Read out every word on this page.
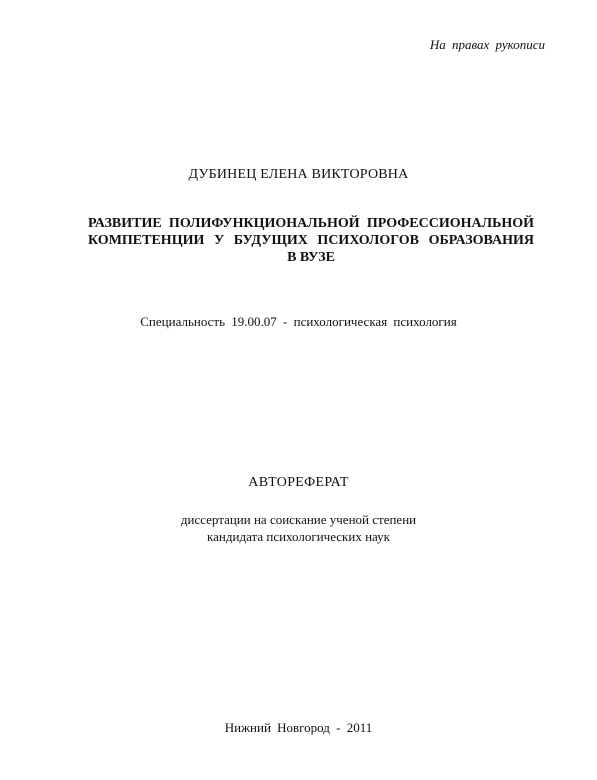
На правах рукописи
ДУБИНЕЦ ЕЛЕНА ВИКТОРОВНА
РАЗВИТИЕ ПОЛИФУНКЦИОНАЛЬНОЙ ПРОФЕССИОНАЛЬНОЙ
КОМПЕТЕНЦИИ У БУДУЩИХ ПСИХОЛОГОВ ОБРАЗОВАНИЯ
В ВУЗЕ
Специальность 19.00.07 - психологическая психология
АВТОРЕФЕРАТ
диссертации на соискание ученой степени
кандидата психологических наук
Нижний Новгород - 2011
